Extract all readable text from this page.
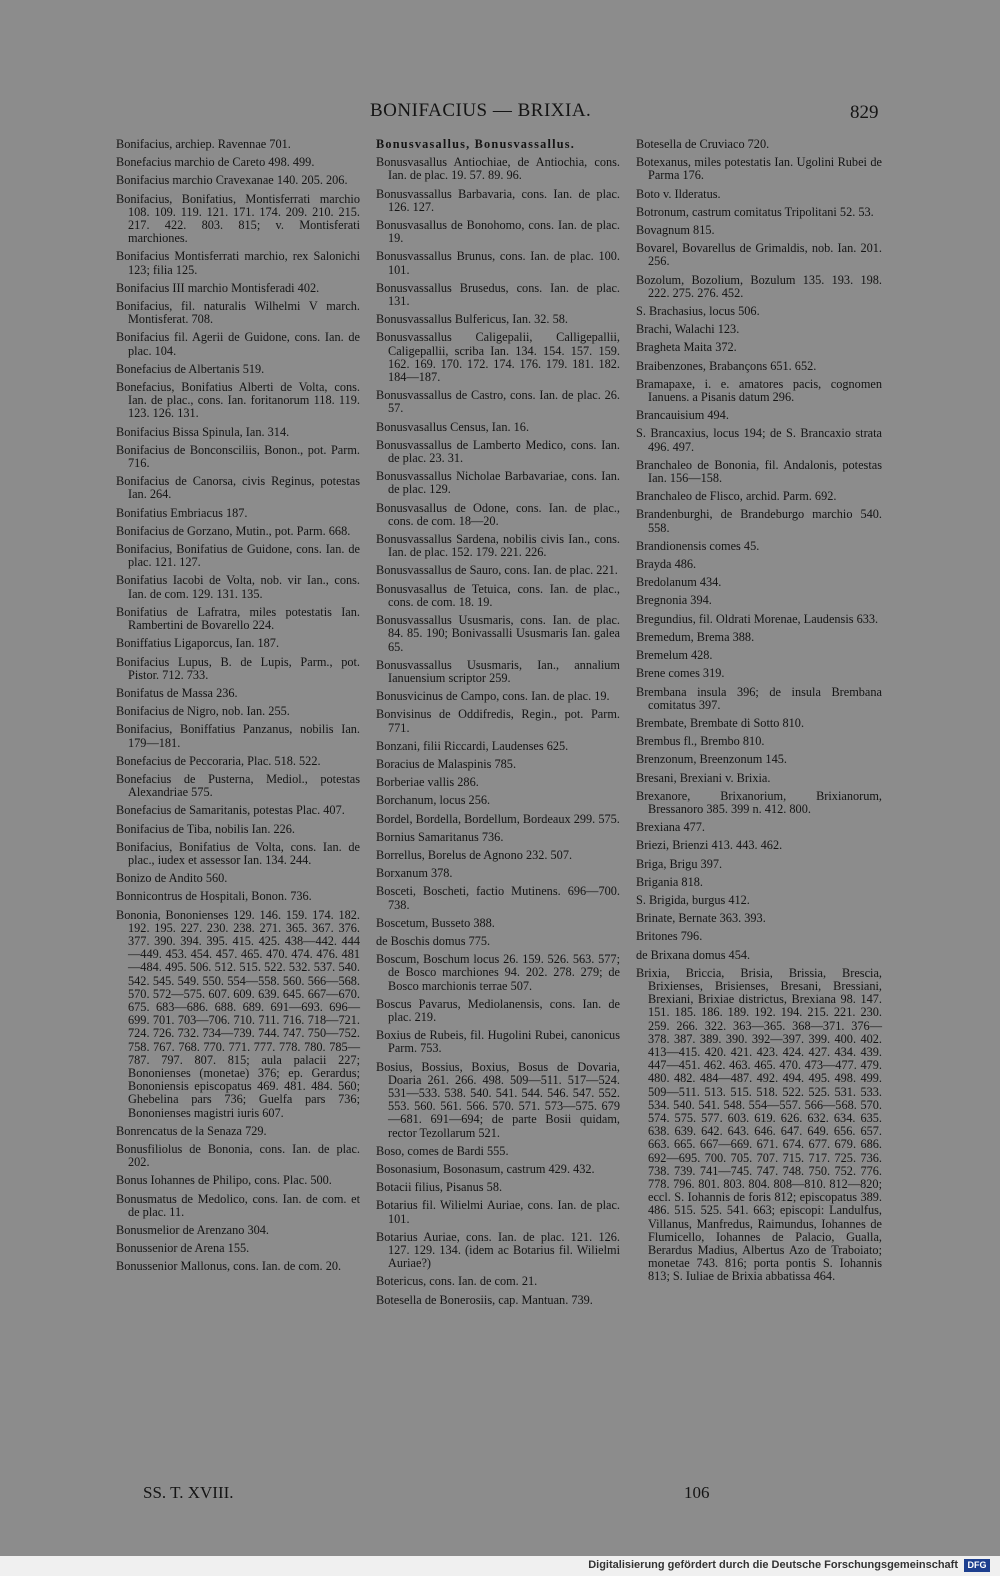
BONIFACIUS — BRIXIA.	829

Bonifacius, archiep. Ravennae 701.

Bonefacius marchio de Careto 498. 499.

Bonifacius marchio Cravexanae 140. 205. 206.

Bonifacius, Bonifatius, Montisferrati marchio 108. 109. 119. 121. 171. 174. 209. 210. 215. 217. 422. 803. 815; v. Montisferati marchiones.

Bonifacius Montisferrati marchio, rex Salonichi 123; filia 125.

Bonifacius III marchio Montisferadi 402.

Bonifacius, fil. naturalis Wilhelmi V march. Montisferat. 708.

Bonifacius fil. Agerii de Guidone, cons. Ian. de plac. 104.

Bonefacius de Albertanis 519.

Bonefacius, Bonifatius Alberti de Volta, cons. Ian. de plac., cons. Ian. foritanorum 118. 119. 123. 126. 131.

Bonifacius Bissa Spinula, Ian. 314.

Bonifacius de Bonconsciliis, Bonon., pot. Parm. 716.

Bonifacius de Canorsa, civis Reginus, potestas Ian. 264.

Bonifatius Embriacus 187.

Bonifacius de Gorzano, Mutin., pot. Parm. 668.

Bonifacius, Bonifatius de Guidone, cons. Ian. de plac. 121. 127.

Bonifatius Iacobi de Volta, nob. vir Ian., cons. Ian. de com. 129. 131. 135.

Bonifatius de Lafratra, miles potestatis Ian. Rambertini de Bovarello 224.

Boniffatius Ligaporcus, Ian. 187.

Bonifacius Lupus, B. de Lupis, Parm., pot. Pistor. 712. 733.

Bonifatus de Massa 236.

Bonifacius de Nigro, nob. Ian. 255.

Bonifacius, Boniffatius Panzanus, nobilis Ian. 179—181.

Bonefacius de Peccoraria, Plac. 518. 522.

Bonefacius de Pusterna, Mediol., potestas Alexandriae 575.

Bonefacius de Samaritanis, potestas Plac. 407.

Bonifacius de Tiba, nobilis Ian. 226.

Bonifacius, Bonifatius de Volta, cons. Ian. de plac., iudex et assessor Ian. 134. 244.

Bonizo de Andito 560.

Bonnicontrus de Hospitali, Bonon. 736.

Bononia, Bononienses 129. 146. 159. 174. 182. 192. 195. 227. 230. 238. 271. 365. 367. 376. 377. 390. 394. 395. 415. 425. 438—442. 444—449. 453. 454. 457. 465. 470. 474. 476. 481—484. 495. 506. 512. 515. 522. 532. 537. 540. 542. 545. 549. 550. 554—558. 560. 566—568. 570. 572—575. 607. 609. 639. 645. 667—670. 675. 683—686. 688. 689. 691—693. 696—699. 701. 703—706. 710. 711. 716. 718—721. 724. 726. 732. 734—739. 744. 747. 750—752. 758. 767. 768. 770. 771. 777. 778. 780. 785—787. 797. 807. 815; aula palacii 227; Bononienses (monetae) 376; ep. Gerardus; Bononiensis episcopatus 469. 481. 484. 560; Ghebelina pars 736; Guelfa pars 736; Bononienses magistri iuris 607.

Bonrencatus de la Senaza 729.

Bonusfiliolus de Bononia, cons. Ian. de plac. 202.

Bonus Iohannes de Philipo, cons. Plac. 500.

Bonusmatus de Medolico, cons. Ian. de com. et de plac. 11.

Bonusmelior de Arenzano 304.

Bonussenior de Arena 155.

Bonussenior Mallonus, cons. Ian. de com. 20.

Bonusvasallus, Bonusvassallus.

Bonusvasallus Antiochiae, de Antiochia, cons. Ian. de plac. 19. 57. 89. 96.

Bonusvassallus Barbavaria, cons. Ian. de plac. 126. 127.

Bonusvasallus de Bonohomo, cons. Ian. de plac. 19.

Bonusvassallus Brunus, cons. Ian. de plac. 100. 101.

Bonusvassallus Brusedus, cons. Ian. de plac. 131.

Bonusvassallus Bulfericus, Ian. 32. 58.

Bonusvassallus Caligepalii, Calligepallii, Caligepallii, scriba Ian. 134. 154. 157. 159. 162. 169. 170. 172. 174. 176. 179. 181. 182. 184—187.

Bonusvassallus de Castro, cons. Ian. de plac. 26. 57.

Bonusvasallus Census, Ian. 16.

Bonusvassallus de Lamberto Medico, cons. Ian. de plac. 23. 31.

Bonusvassallus Nicholae Barbavariae, cons. Ian. de plac. 129.

Bonusvasallus de Odone, cons. Ian. de plac., cons. de com. 18—20.

Bonusvassallus Sardena, nobilis civis Ian., cons. Ian. de plac. 152. 179. 221. 226.

Bonusvassallus de Sauro, cons. Ian. de plac. 221.

Bonusvasallus de Tetuica, cons. Ian. de plac., cons. de com. 18. 19.

Bonusvassallus Ususmaris, cons. Ian. de plac. 84. 85. 190; Bonivassalli Ususmaris Ian. galea 65.

Bonusvassallus Ususmaris, Ian., annalium Ianuensium scriptor 259.

Bonusvicinus de Campo, cons. Ian. de plac. 19.

Bonvisinus de Oddifredis, Regin., pot. Parm. 771.

Bonzani, filii Riccardi, Laudenses 625.

Boracius de Malaspinis 785.

Borberiae vallis 286.

Borchanum, locus 256.

Bordel, Bordella, Bordellum, Bordeaux 299. 575.

Bornius Samaritanus 736.

Borrellus, Borelus de Agnono 232. 507.

Borxanum 378.

Bosceti, Boscheti, factio Mutinens. 696—700. 738.

Boscetum, Busseto 388.

de Boschis domus 775.

Boscum, Boschum locus 26. 159. 526. 563. 577; de Bosco marchiones 94. 202. 278. 279; de Bosco marchionis terrae 507.

Boscus Pavarus, Mediolanensis, cons. Ian. de plac. 219.

Boxius de Rubeis, fil. Hugolini Rubei, canonicus Parm. 753.

Bosius, Bossius, Boxius, Bosus de Dovaria, Doaria 261. 266. 498. 509—511. 517—524. 531—533. 538. 540. 541. 544. 546. 547. 552. 553. 560. 561. 566. 570. 571. 573—575. 679—681. 691—694; de parte Bosii quidam, rector Tezollarum 521.

Boso, comes de Bardi 555.

Bosonasium, Bosonasum, castrum 429. 432.

Botacii filius, Pisanus 58.

Botarius fil. Wilielmi Auriae, cons. Ian. de plac. 101.

Botarius Auriae, cons. Ian. de plac. 121. 126. 127. 129. 134. (idem ac Botarius fil. Wilielmi Auriae?)

Botericus, cons. Ian. de com. 21.

Botesella de Bonerosiis, cap. Mantuan. 739.

Botesella de Cruviaco 720.

Botexanus, miles potestatis Ian. Ugolini Rubei de Parma 176.

Boto v. Ilderatus.

Botronum, castrum comitatus Tripolitani 52. 53.

Bovagnum 815.

Bovarel, Bovarellus de Grimaldis, nob. Ian. 201. 256.

Bozolum, Bozolium, Bozulum 135. 193. 198. 222. 275. 276. 452.

S. Brachasius, locus 506.

Brachi, Walachi 123.

Bragheta Maita 372.

Braibenzones, Brabançons 651. 652.

Bramapaxe, i. e. amatores pacis, cognomen Ianuens. a Pisanis datum 296.

Brancauisium 494.

S. Brancaxius, locus 194; de S. Brancaxio strata 496. 497.

Branchaleo de Bononia, fil. Andalonis, potestas Ian. 156—158.

Branchaleo de Flisco, archid. Parm. 692.

Brandenburghi, de Brandeburgo marchio 540. 558.

Brandionensis comes 45.

Brayda 486.

Bredolanum 434.

Bregnonia 394.

Bregundius, fil. Oldrati Morenae, Laudensis 633.

Bremedum, Brema 388.

Bremelum 428.

Brene comes 319.

Brembana insula 396; de insula Brembana comitatus 397.

Brembate, Brembate di Sotto 810.

Brembus fl., Brembo 810.

Brenzonum, Breenzonum 145.

Bresani, Brexiani v. Brixia.

Brexanore, Brixanorium, Brixianorum, Bressanoro 385. 399 n. 412. 800.

Brexiana 477.

Briezi, Brienzi 413. 443. 462.

Briga, Brigu 397.

Brigania 818.

S. Brigida, burgus 412.

Brinate, Bernate 363. 393.

Britones 796.

de Brixana domus 454.

Brixia, Briccia, Brisia, Brissia, Brescia, Brixienses, Brisienses, Bresani, Bressiani, Brexiani, Brixiae districtus, Brexiana 98. 147. 151. 185. 186. 189. 192. 194. 215. 221. 230. 259. 266. 322. 363—365. 368—371. 376—378. 387. 389. 390. 392—397. 399. 400. 402. 413—415. 420. 421. 423. 424. 427. 434. 439. 447—451. 462. 463. 465. 470. 473—477. 479. 480. 482. 484—487. 492. 494. 495. 498. 499. 509—511. 513. 515. 518. 522. 525. 531. 533. 534. 540. 541. 548. 554—557. 566—568. 570. 574. 575. 577. 603. 619. 626. 632. 634. 635. 638. 639. 642. 643. 646. 647. 649. 656. 657. 663. 665. 667—669. 671. 674. 677. 679. 686. 692—695. 700. 705. 707. 715. 717. 725. 736. 738. 739. 741—745. 747. 748. 750. 752. 776. 778. 796. 801. 803. 804. 808—810. 812—820; eccl. S. Iohannis de foris 812; episcopatus 389. 486. 515. 525. 541. 663; episcopi: Landulfus, Villanus, Manfredus, Raimundus, Iohannes de Flumicello, Iohannes de Palacio, Gualla, Berardus Madius, Albertus Azo de Traboiato; monetae 743. 816; porta pontis S. Iohannis 813; S. Iuliae de Brixia abbatissa 464.

SS. T. XVIII.	106
Digitalisierung gefördert durch die Deutsche Forschungsgemeinschaft	DFG
